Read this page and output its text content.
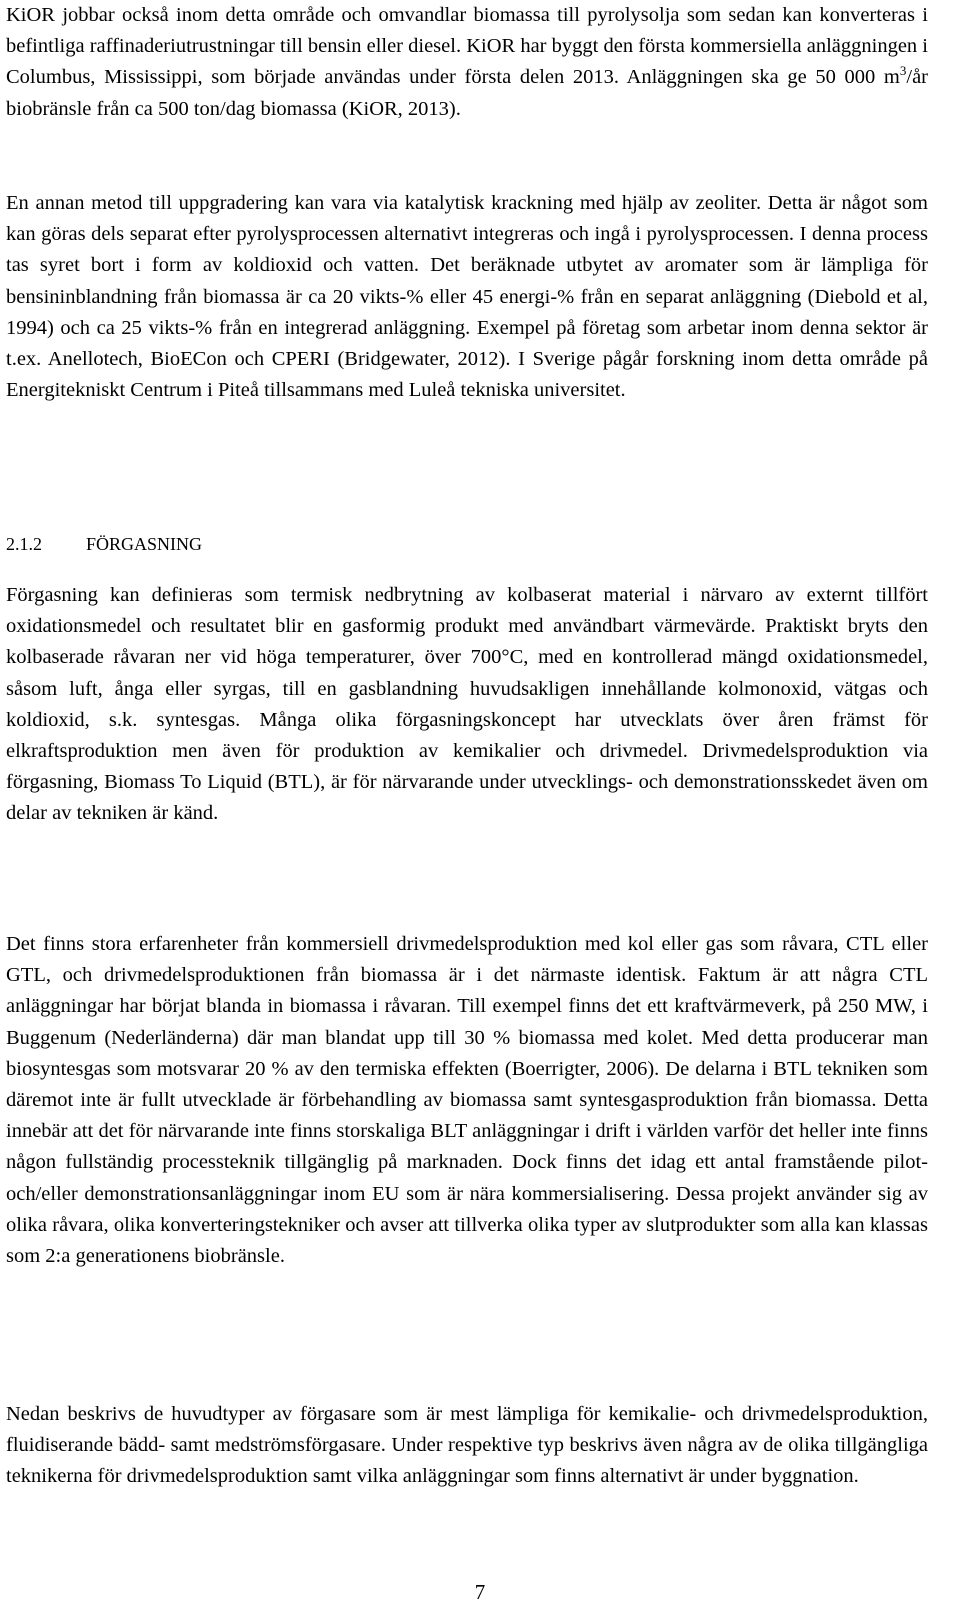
KiOR jobbar också inom detta område och omvandlar biomassa till pyrolysolja som sedan kan konverteras i befintliga raffinaderiutrustningar till bensin eller diesel. KiOR har byggt den första kommersiella anläggningen i Columbus, Mississippi, som började användas under första delen 2013. Anläggningen ska ge 50 000 $m^3/år$ biobränsle från ca 500 ton/dag biomassa (KiOR, 2013).

En annan metod till uppgradering kan vara via katalytisk krackning med hjälp av zeoliter. Detta är något som kan göras dels separat efter pyrolysprocessen alternativt integreras och ingå i pyrolysprocessen. I denna process tas syret bort i form av koldioxid och vatten. Det beräknade utbytet av aromater som är lämpliga för bensininblandning från biomassa är ca 20 vikts-% eller 45 energi-% från en separat anläggning (Diebold et al, 1994) och ca 25 vikts-% från en integrerad anläggning. Exempel på företag som arbetar inom denna sektor är t.ex. Anellotech, BioECon och CPERI (Bridgewater, 2012). I Sverige pågår forskning inom detta område på Energitekniskt Centrum i Piteå tillsammans med Luleå tekniska universitet.

2.1.2 FÖRGASNING

Förgasning kan definieras som termisk nedbrytning av kolbaserat material i närvaro av externt tillfört oxidationsmedel och resultatet blir en gasformig produkt med användbart värmevärde. Praktiskt bryts den kolbaserade råvaran ner vid höga temperaturer, över 700°C, med en kontrollerad mängd oxidationsmedel, såsom luft, ånga eller syrgas, till en gasblandning huvudsakligen innehållande kolmonoxid, vätgas och koldioxid, s.k. syntesgas. Många olika förgasningskoncept har utvecklats över åren främst för elkraftsproduktion men även för produktion av kemikalier och drivmedel. Drivmedelsproduktion via förgasning, Biomass To Liquid (BTL), är för närvarande under utvecklings- och demonstrationsskedet även om delar av tekniken är känd.

Det finns stora erfarenheter från kommersiell drivmedelsproduktion med kol eller gas som råvara, CTL eller GTL, och drivmedelsproduktionen från biomassa är i det närmaste identisk. Faktum är att några CTL anläggningar har börjat blanda in biomassa i råvaran. Till exempel finns det ett kraftvärmeverk, på 250 MW, i Buggenum (Nederländerna) där man blandat upp till 30 % biomassa med kolet. Med detta producerar man biosyntesgas som motsvarar 20 % av den termiska effekten (Boerrigter, 2006). De delarna i BTL tekniken som däremot inte är fullt utvecklade är förbehandling av biomassa samt syntesgasproduktion från biomassa. Detta innebär att det för närvarande inte finns storskaliga BLT anläggningar i drift i världen varför det heller inte finns någon fullständig processteknik tillgänglig på marknaden. Dock finns det idag ett antal framstående pilot- och/eller demonstrationsanläggningar inom EU som är nära kommersialisering. Dessa projekt använder sig av olika råvara, olika konverteringstekniker och avser att tillverka olika typer av slutprodukter som alla kan klassas som 2:a generationens biobränsle.

Nedan beskrivs de huvudtyper av förgasare som är mest lämpliga för kemikalie- och drivmedelsproduktion, fluidiserande bädd- samt medströmsförgasare. Under respektive typ beskrivs även några av de olika tillgängliga teknikerna för drivmedelsproduktion samt vilka anläggningar som finns alternativt är under byggnation.

7
